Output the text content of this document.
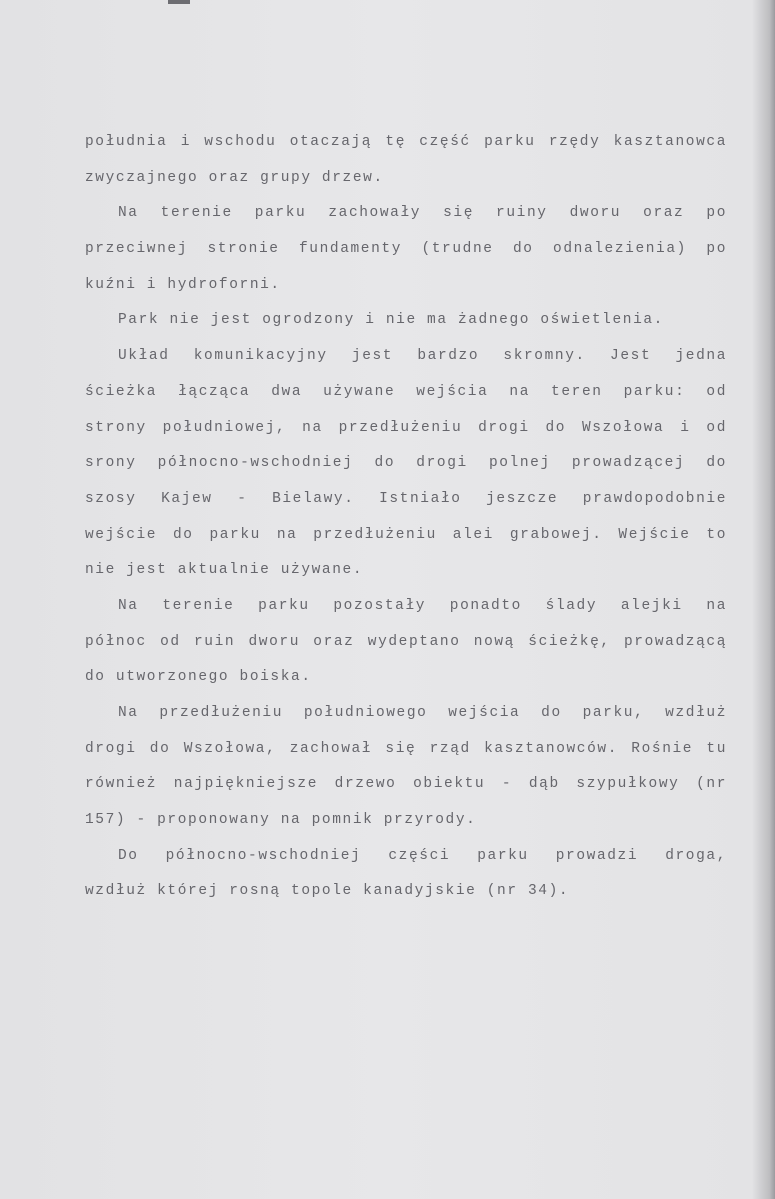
południa i wschodu otaczają tę część parku rzędy kasztanowca
zwyczajnego oraz grupy drzew.
Na terenie parku zachowały się ruiny dworu oraz po
przeciwnej stronie fundamenty (trudne do odnalezienia) po
kuźni i hydroforni.
Park nie jest ogrodzony i nie ma żadnego oświetlenia.
Układ komunikacyjny jest bardzo skromny. Jest jedna
ścieżka łącząca dwa używane wejścia na teren parku: od
strony południowej, na przedłużeniu drogi do Wszołowa i od
srony północno-wschodniej do drogi polnej prowadzącej do
szosy Kajew - Bielawy. Istniało jeszcze prawdopodobnie
wejście do parku na przedłużeniu alei grabowej. Wejście to
nie jest aktualnie używane.
Na terenie parku pozostały ponadto ślady alejki na
północ od ruin dworu oraz wydeptano nową ścieżkę, prowadzącą
do utworzonego boiska.
Na przedłużeniu południowego wejścia do parku, wzdłuż
drogi do Wszołowa, zachował się rząd kasztanowców. Rośnie tu
również najpiękniejsze drzewo obiektu - dąb szypułkowy (nr
157) - proponowany na pomnik przyrody.
Do północno-wschodniej części parku prowadzi droga,
wzdłuż której rosną topole kanadyjskie (nr 34).
